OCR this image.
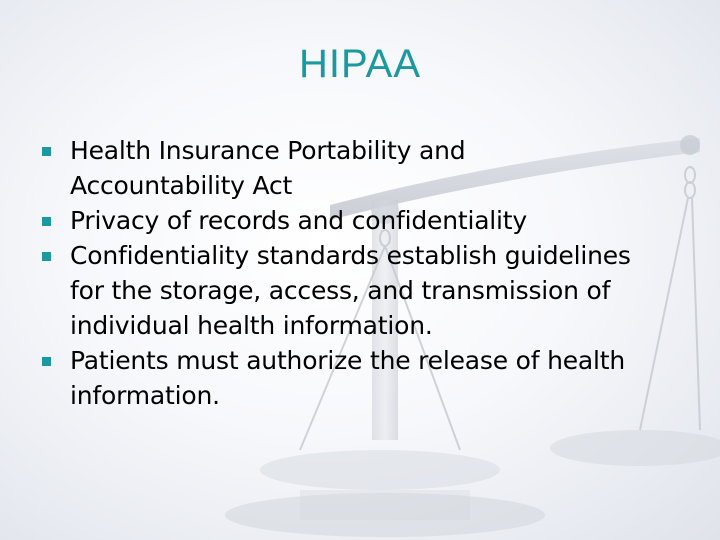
HIPAA
Health Insurance Portability and Accountability Act
Privacy of records and confidentiality
Confidentiality standards establish guidelines for the storage, access, and transmission of individual health information.
Patients must authorize the release of health information.
